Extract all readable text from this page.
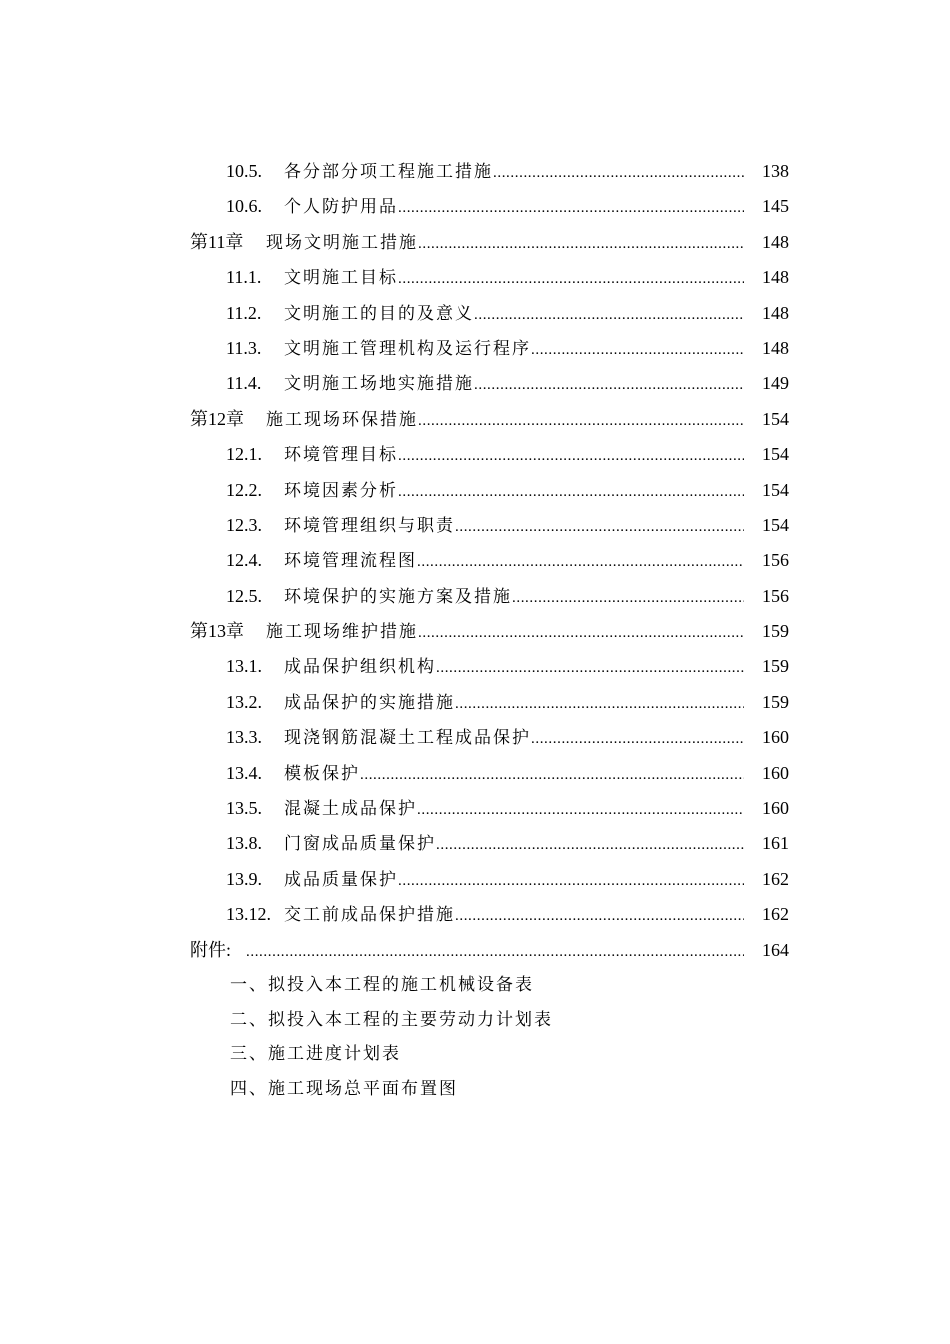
10.5.	各分部分项工程施工措施 .....	138
10.6.	个人防护用品 .....	145
第11章	现场文明施工措施 .....	148
11.1.	文明施工目标 .....	148
11.2.	文明施工的目的及意义 .....	148
11.3.	文明施工管理机构及运行程序 .....	148
11.4.	文明施工场地实施措施 .....	149
第12章	施工现场环保措施 .....	154
12.1.	环境管理目标 .....	154
12.2.	环境因素分析 .....	154
12.3.	环境管理组织与职责 .....	154
12.4.	环境管理流程图 .....	156
12.5.	环境保护的实施方案及措施 .....	156
第13章	施工现场维护措施 .....	159
13.1.	成品保护组织机构 .....	159
13.2.	成品保护的实施措施 .....	159
13.3.	现浇钢筋混凝土工程成品保护 .....	160
13.4.	模板保护 .....	160
13.5.	混凝土成品保护 .....	160
13.8.	门窗成品质量保护 .....	161
13.9.	成品质量保护 .....	162
13.12. 交工前成品保护措施 .....	162
附件: .....	164
一、拟投入本工程的施工机械设备表
二、拟投入本工程的主要劳动力计划表
三、施工进度计划表
四、施工现场总平面布置图
